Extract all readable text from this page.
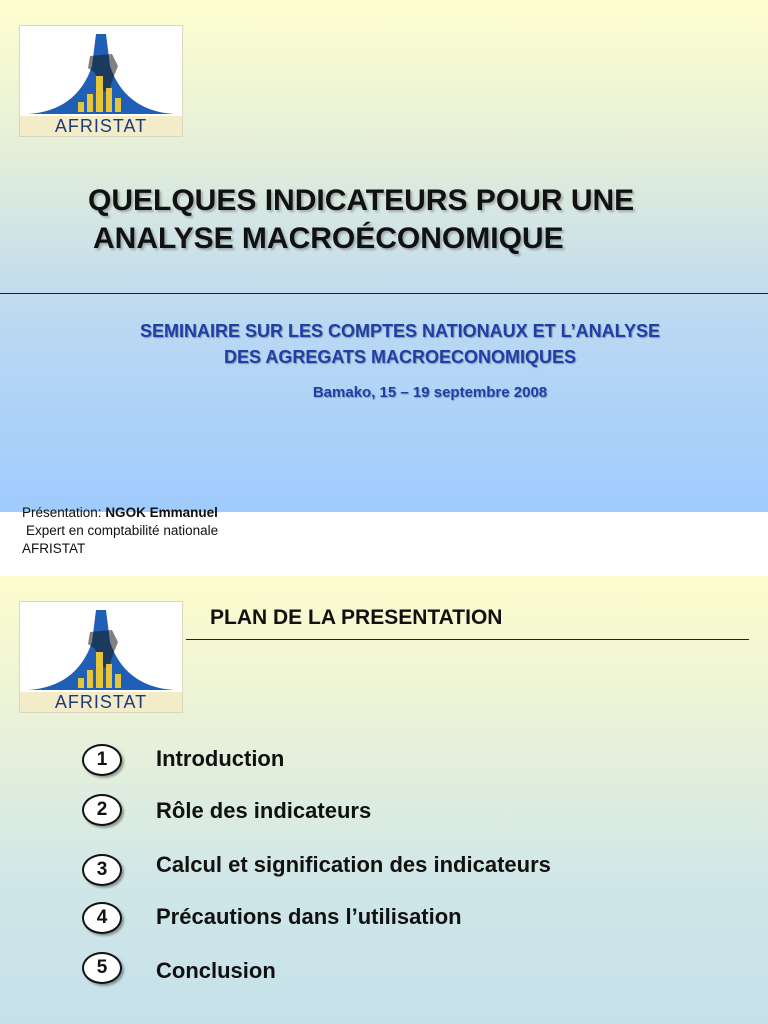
AFRISTAT
QUELQUES INDICATEURS POUR UNE
ANALYSE MACROÉCONOMIQUE
SEMINAIRE SUR LES COMPTES NATIONAUX ET L’ANALYSE
DES AGREGATS MACROECONOMIQUES
Bamako, 15 – 19 septembre 2008
Présentation: NGOK Emmanuel
Expert en comptabilité nationale
AFRISTAT
AFRISTAT
PLAN DE LA PRESENTATION
1	Introduction
2	Rôle des indicateurs
3	Calcul et signification des indicateurs
4	Précautions dans l’utilisation
5	Conclusion
